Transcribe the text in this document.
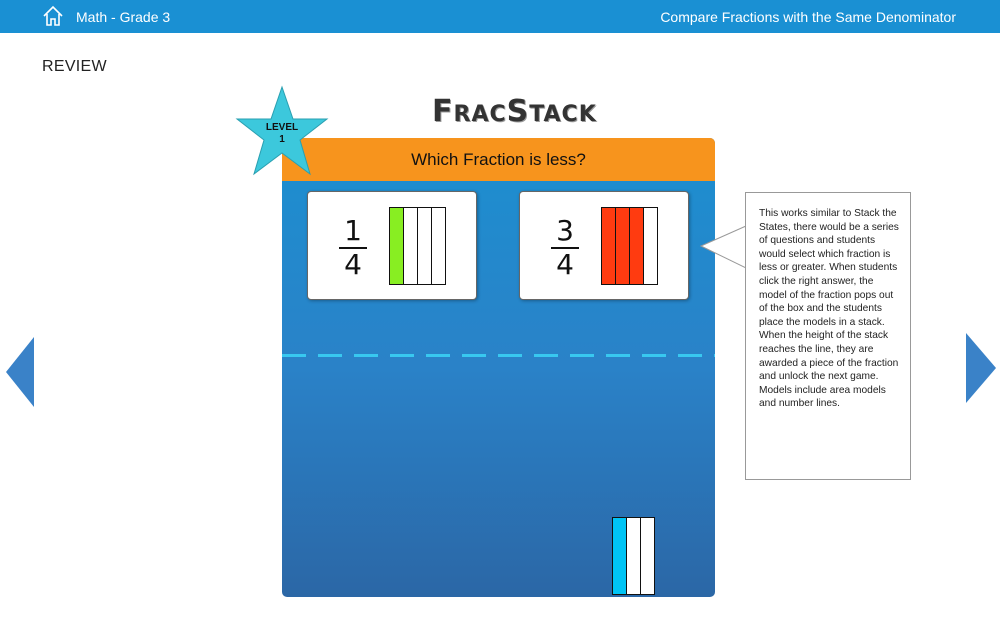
Math - Grade 3	Compare Fractions with the Same Denominator
REVIEW
FRACSTACK
Which Fraction is less?
1
4
3
4
LEVEL
1
This works similar to Stack the States, there would be a series of questions and students would select which fraction is less or greater. When students click the right answer, the model of the fraction pops out of the box and the students place the models in a stack. When the height of the stack reaches the line, they are awarded a piece of the fraction and unlock the next game.
Models include area models and number lines.
